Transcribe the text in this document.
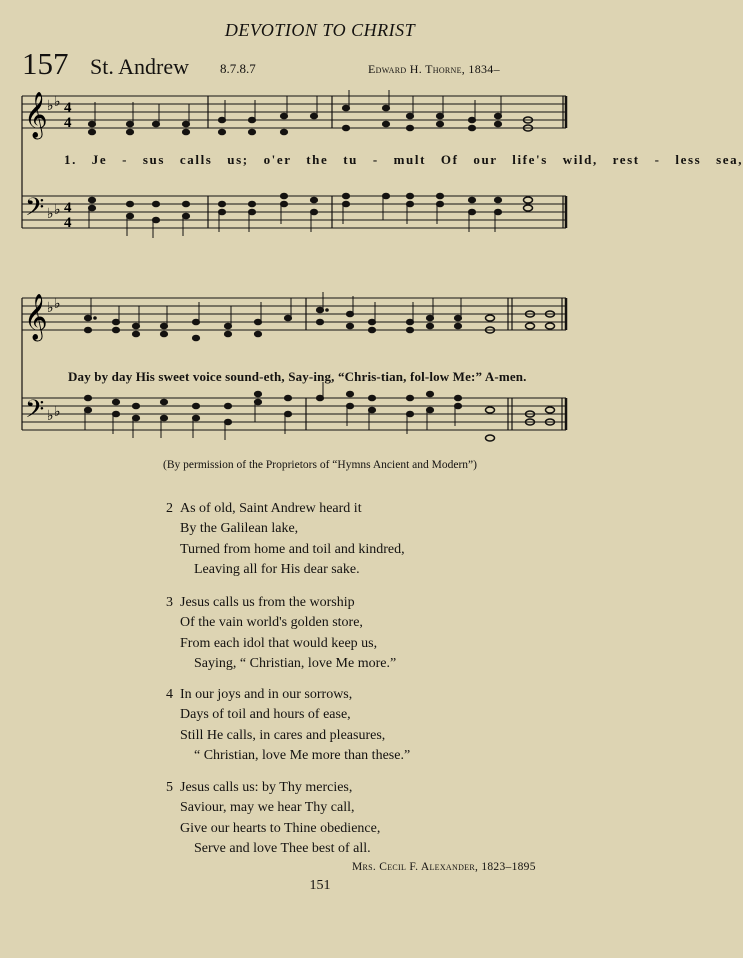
DEVOTION TO CHRIST
157 St. Andrew 8.7.8.7	Edward H. Thorne, 1834–
𝄞
𝄢
♭ ♭
♭ ♭
4
4
4
4
1. Je - sus calls us; o'er the tu - mult Of our life's wild, rest - less sea,
𝄞
𝄢
♭ ♭
♭ ♭
Day by day His sweet voice sound-eth, Say-ing, “Chris-tian, fol-low Me:” A-men.
(By permission of the Proprietors of “Hymns Ancient and Modern”)
2 As of old, Saint Andrew heard it
By the Galilean lake,
Turned from home and toil and kindred,
Leaving all for His dear sake.
3 Jesus calls us from the worship
Of the vain world's golden store,
From each idol that would keep us,
Saying, “ Christian, love Me more.”
4 In our joys and in our sorrows,
Days of toil and hours of ease,
Still He calls, in cares and pleasures,
“ Christian, love Me more than these.”
5 Jesus calls us: by Thy mercies,
Saviour, may we hear Thy call,
Give our hearts to Thine obedience,
Serve and love Thee best of all.
Mrs. Cecil F. Alexander, 1823–1895
151
